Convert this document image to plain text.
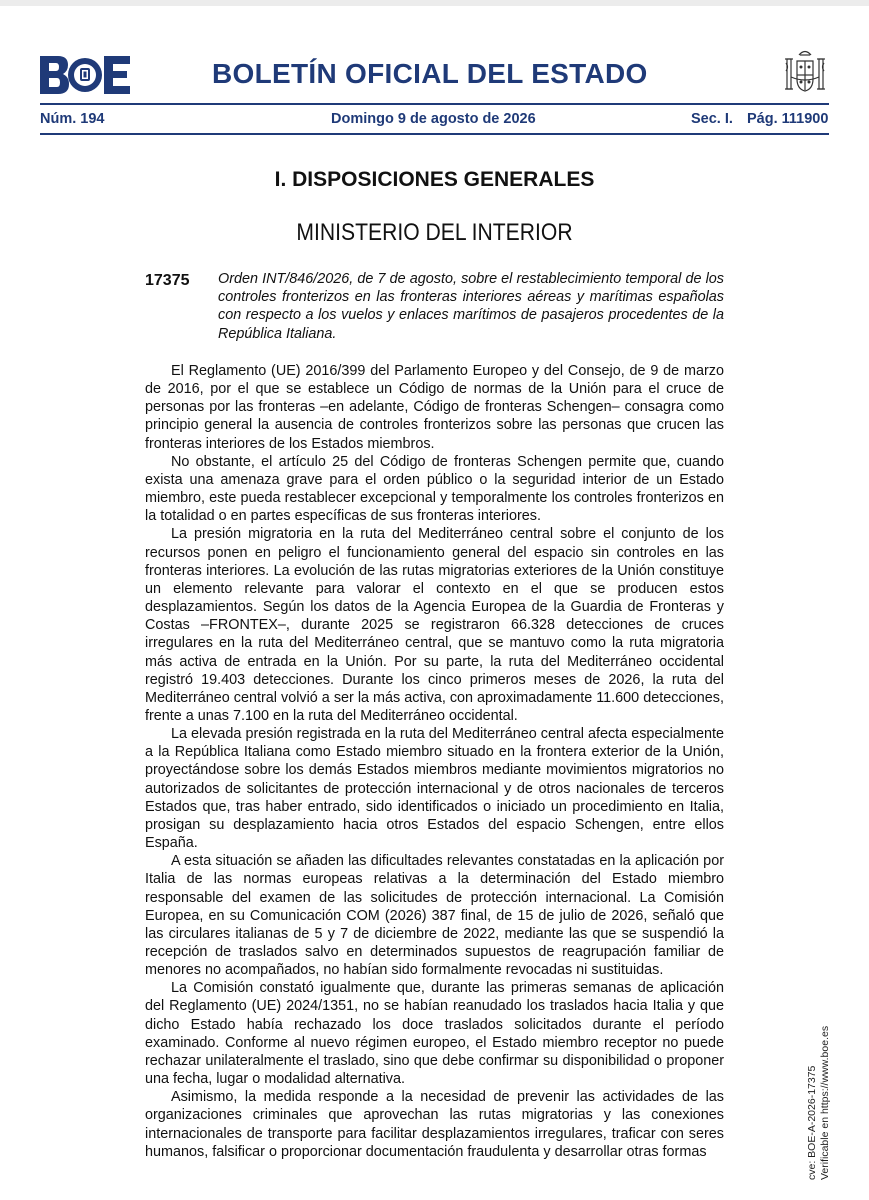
BOLETÍN OFICIAL DEL ESTADO
Núm. 194	Domingo 9 de agosto de 2026	Sec. I. Pág. 111900
I. DISPOSICIONES GENERALES
MINISTERIO DEL INTERIOR
17375 Orden INT/846/2026, de 7 de agosto, sobre el restablecimiento temporal de los controles fronterizos en las fronteras interiores aéreas y marítimas españolas con respecto a los vuelos y enlaces marítimos de pasajeros procedentes de la República Italiana.

El Reglamento (UE) 2016/399 del Parlamento Europeo y del Consejo, de 9 de marzo de 2016, por el que se establece un Código de normas de la Unión para el cruce de personas por las fronteras –en adelante, Código de fronteras Schengen– consagra como principio general la ausencia de controles fronterizos sobre las personas que crucen las fronteras interiores de los Estados miembros.

No obstante, el artículo 25 del Código de fronteras Schengen permite que, cuando exista una amenaza grave para el orden público o la seguridad interior de un Estado miembro, este pueda restablecer excepcional y temporalmente los controles fronterizos en la totalidad o en partes específicas de sus fronteras interiores.

La presión migratoria en la ruta del Mediterráneo central sobre el conjunto de los recursos ponen en peligro el funcionamiento general del espacio sin controles en las fronteras interiores. La evolución de las rutas migratorias exteriores de la Unión constituye un elemento relevante para valorar el contexto en el que se producen estos desplazamientos. Según los datos de la Agencia Europea de la Guardia de Fronteras y Costas –FRONTEX–, durante 2025 se registraron 66.328 detecciones de cruces irregulares en la ruta del Mediterráneo central, que se mantuvo como la ruta migratoria más activa de entrada en la Unión. Por su parte, la ruta del Mediterráneo occidental registró 19.403 detecciones. Durante los cinco primeros meses de 2026, la ruta del Mediterráneo central volvió a ser la más activa, con aproximadamente 11.600 detecciones, frente a unas 7.100 en la ruta del Mediterráneo occidental.

La elevada presión registrada en la ruta del Mediterráneo central afecta especialmente a la República Italiana como Estado miembro situado en la frontera exterior de la Unión, proyectándose sobre los demás Estados miembros mediante movimientos migratorios no autorizados de solicitantes de protección internacional y de otros nacionales de terceros Estados que, tras haber entrado, sido identificados o iniciado un procedimiento en Italia, prosigan su desplazamiento hacia otros Estados del espacio Schengen, entre ellos España.

A esta situación se añaden las dificultades relevantes constatadas en la aplicación por Italia de las normas europeas relativas a la determinación del Estado miembro responsable del examen de las solicitudes de protección internacional. La Comisión Europea, en su Comunicación COM (2026) 387 final, de 15 de julio de 2026, señaló que las circulares italianas de 5 y 7 de diciembre de 2022, mediante las que se suspendió la recepción de traslados salvo en determinados supuestos de reagrupación familiar de menores no acompañados, no habían sido formalmente revocadas ni sustituidas.

La Comisión constató igualmente que, durante las primeras semanas de aplicación del Reglamento (UE) 2024/1351, no se habían reanudado los traslados hacia Italia y que dicho Estado había rechazado los doce traslados solicitados durante el período examinado. Conforme al nuevo régimen europeo, el Estado miembro receptor no puede rechazar unilateralmente el traslado, sino que debe confirmar su disponibilidad o proponer una fecha, lugar o modalidad alternativa.

Asimismo, la medida responde a la necesidad de prevenir las actividades de las organizaciones criminales que aprovechan las rutas migratorias y las conexiones internacionales de transporte para facilitar desplazamientos irregulares, traficar con seres humanos, falsificar o proporcionar documentación fraudulenta y desarrollar otras formas	cve: BOE-A-2026-17375 Verificable en https://www.boe.es
